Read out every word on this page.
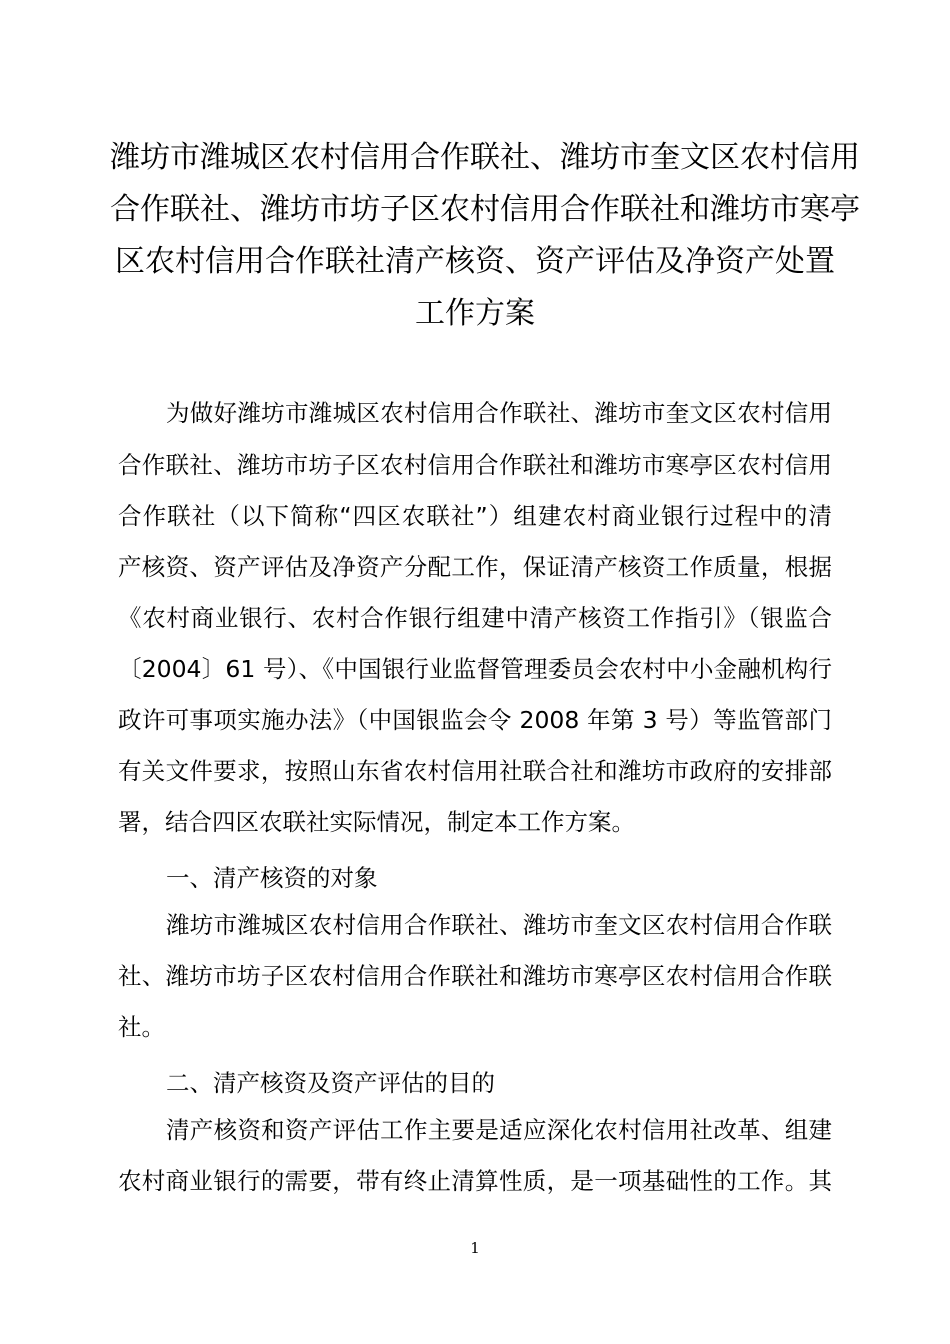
潍坊市潍城区农村信用合作联社、潍坊市奎文区农村信用
合作联社、潍坊市坊子区农村信用合作联社和潍坊市寒亭
区农村信用合作联社清产核资、资产评估及净资产处置
工作方案
为做好潍坊市潍城区农村信用合作联社、潍坊市奎文区农村信用
合作联社、潍坊市坊子区农村信用合作联社和潍坊市寒亭区农村信用
合作联社（以下简称“四区农联社”）组建农村商业银行过程中的清
产核资、资产评估及净资产分配工作，保证清产核资工作质量，根据
《农村商业银行、农村合作银行组建中清产核资工作指引》（银监合
〔2004〕61 号）、《中国银行业监督管理委员会农村中小金融机构行
政许可事项实施办法》（中国银监会令 2008 年第 3 号）等监管部门
有关文件要求，按照山东省农村信用社联合社和潍坊市政府的安排部
署，结合四区农联社实际情况，制定本工作方案。
一、清产核资的对象
潍坊市潍城区农村信用合作联社、潍坊市奎文区农村信用合作联
社、潍坊市坊子区农村信用合作联社和潍坊市寒亭区农村信用合作联
社。
二、清产核资及资产评估的目的
清产核资和资产评估工作主要是适应深化农村信用社改革、组建
农村商业银行的需要，带有终止清算性质，是一项基础性的工作。其
1
